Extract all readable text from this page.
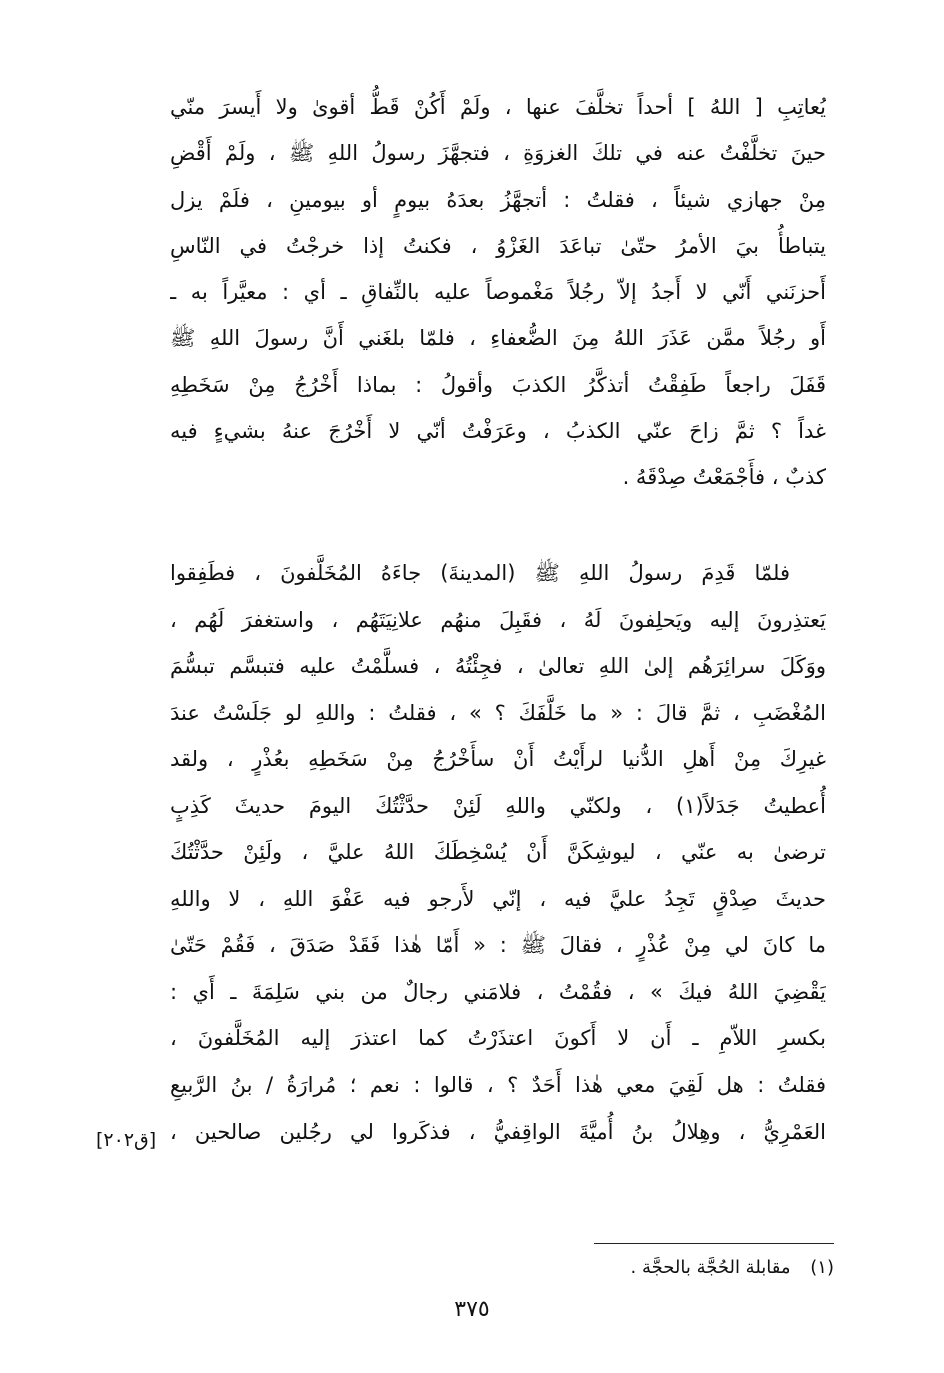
يُعاتِبِ [ اللهُ ] أحداً تخلَّفَ عنها ، ولَمْ أَكُنْ قَطُّ أقوىٰ ولا أَيسرَ منّي
حينَ تخلَّفْتُ عنه في تلكَ الغزوَةِ ، فتجهَّزَ رسولُ اللهِ ﷺ ، ولَمْ أَقْضِ
مِنْ جهازي شيئاً ، فقلتُ : أتجهَّزُ بعدَهُ بيومٍ أو بيومينِ ، فلَمْ يزل
يتباطأُ بيَ الأمرُ حتّىٰ تباعَدَ الغَزْوُ ، فكنتُ إذا خرجْتُ في النّاسِ
أَحزنَني أَنّي لا أَجدُ إلاّ رجُلاً مَغْموصاً عليه بالنِّفاقِ ـ أي : معيَّراً به ـ
أَو رجُلاً ممَّن عَذَرَ اللهُ مِنَ الضُّعفاءِ ، فلمّا بلغَني أَنَّ رسولَ اللهِ ﷺ
قَفَلَ راجعاً طَفِقْتُ أتذكَّرُ الكذبَ وأقولُ : بماذا أَخْرُجُ مِنْ سَخَطِهِ
غداً ؟ ثمَّ زاحَ عنّي الكذبُ ، وعَرَفْتُ أنّي لا أَخْرُجَ عنهُ بشيءٍ فيه
كذبٌ ، فأَجْمَعْتُ صِدْقَهُ .
فلمّا قَدِمَ رسولُ اللهِ ﷺ (المدينةَ) جاءَهُ المُخَلَّفونَ ، فطَفِقوا
يَعتذِرونَ إليه ويَحلِفونَ لَهُ ، فقَبِلَ منهُم علانِيَتَهُم ، واستغفرَ لَهُم ،
ووَكَلَ سرائِرَهُم إلىٰ اللهِ تعالىٰ ، فجِئْتُهُ ، فسلَّمْتُ عليه فتبسَّم تبسُّمَ
المُغْضَبِ ، ثمَّ قالَ : « ما خَلَّفَكَ ؟ » ، فقلتُ : واللهِ لو جَلَسْتُ عندَ
غيرِكَ مِنْ أَهلِ الدُّنيا لرأَيْتُ أَنْ سأَخْرُجُ مِنْ سَخَطِهِ بعُذْرٍ ، ولقد
أُعطيتُ جَدَلاً(١) ، ولكنّي واللهِ لَئِنْ حدَّثْتُكَ اليومَ حديثَ كَذِبٍ
ترضىٰ به عنّي ، ليوشِكَنَّ أَنْ يُسْخِطَكَ اللهُ عليَّ ، ولَئِنْ حدَّثْتُكَ
حديثَ صِدْقٍ تَجِدُ عليَّ فيه ، إنّي لأَرجو فيه عَفْوَ اللهِ ، لا واللهِ
ما كانَ لي مِنْ عُذْرٍ ، فقالَ ﷺ : « أَمّا هٰذا فَقَدْ صَدَقَ ، فَقُمْ حَتّىٰ
يَقْضِيَ اللهُ فيكَ » ، فقُمْتُ ، فلامَني رجالٌ من بني سَلِمَةَ ـ أَي :
بكسرِ اللاّمِ ـ أَن لا أَكونَ اعتذَرْتُ كما اعتذرَ إليه المُخَلَّفونَ ،
فقلتُ : هل لَقِيَ معي هٰذا أَحَدٌ ؟ ، قالوا : نعم ؛ مُرارَةُ / بنُ الرَّبيعِ
العَمْرِيُّ ، وهِلالُ بنُ أُميَّةَ الواقِفيُّ ، فذكَروا لي رجُلين صالحين ،
[ق٢٠٢]
(١) مقابلة الحُجَّة بالحجَّة .
٣٧٥
